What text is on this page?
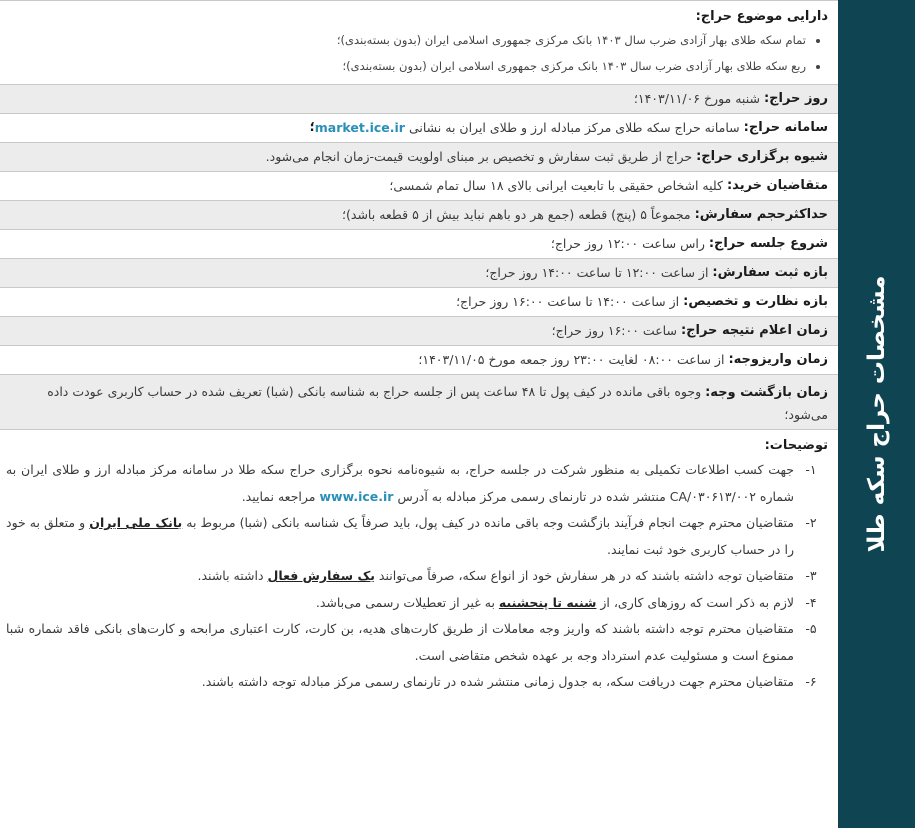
دارایی موضوع حراج:
• تمام سکه طلای بهار آزادی ضرب سال ۱۴۰۳ بانک مرکزی جمهوری اسلامی ایران (بدون بسته‌بندی)؛
• ربع سکه طلای بهار آزادی ضرب سال ۱۴۰۳ بانک مرکزی جمهوری اسلامی ایران (بدون بسته‌بندی)؛
روز حراج:

شنبه مورخ ۱۴۰۳/۱۱/۰۶؛
سامانه حراج:

سامانه حراج سکه طلای مرکز مبادله ارز و طلای ایران به نشانی

market.ice.ir
؛
شیوه برگزاری حراج:

حراج از طریق ثبت سفارش و تخصیص بر مبنای اولویت قیمت-زمان انجام می‌شود.
متقاضیان خرید:

کلیه اشخاص حقیقی با تابعیت ایرانی بالای ۱۸ سال تمام شمسی؛
حداکثرحجم سفارش:

مجموعاً ۵ (پنج) قطعه (جمع هر دو باهم نباید بیش از ۵ قطعه باشد)؛
شروع جلسه حراج:

راس ساعت ۱۲:۰۰ روز حراج؛
بازه ثبت سفارش:

از ساعت ۱۲:۰۰ تا ساعت ۱۴:۰۰ روز حراج؛
بازه نظارت و تخصیص:

از ساعت ۱۴:۰۰ تا ساعت ۱۶:۰۰ روز حراج؛
زمان اعلام نتیجه حراج:

ساعت ۱۶:۰۰ روز حراج؛
زمان واریزوجه:

از ساعت ۰۸:۰۰ لغایت ۲۳:۰۰ روز جمعه مورخ ۱۴۰۳/۱۱/۰۵؛
زمان بازگشت وجه: وجوه باقی مانده در کیف پول تا ۴۸ ساعت پس از جلسه حراج به شناسه بانکی (شبا) تعریف شده در حساب کاربری عودت داده می‌شود؛
توضیحات:
۱-
جهت کسب اطلاعات تکمیلی به منظور شرکت در جلسه حراج، به شیوه‌نامه نحوه برگزاری حراج سکه طلا در سامانه مرکز مبادله ارز و طلای ایران به شماره CA/۰۳۰۶۱۳/۰۰۲ منتشر شده در تارنمای رسمی مرکز مبادله به آدرس www.ice.ir مراجعه نمایید.
۲-
متقاضیان محترم جهت انجام فرآیند بازگشت وجه باقی مانده در کیف پول، باید صرفاً یک شناسه بانکی (شبا) مربوط به بانک ملی ایران و متعلق به خود را در حساب کاربری خود ثبت نمایند.
۳-
متقاضیان توجه داشته باشند که در هر سفارش خود از انواع سکه، صرفاً می‌توانند یک سفارش فعال داشته باشند.
۴-
لازم به ذکر است که روزهای کاری، از شنبه تا پنجشنبه به غیر از تعطیلات رسمی می‌باشد.
۵-
متقاضیان محترم توجه داشته باشند که واریز وجه معاملات از طریق کارت‌های هدیه، بن کارت، کارت اعتباری مرابحه و کارت‌های بانکی فاقد شماره شبا ممنوع است و مسئولیت عدم استرداد وجه بر عهده شخص متقاضی است.
۶-
متقاضیان محترم جهت دریافت سکه، به جدول زمانی منتشر شده در تارنمای رسمی مرکز مبادله توجه داشته باشند.
مشخصات حراج سکه طلا
